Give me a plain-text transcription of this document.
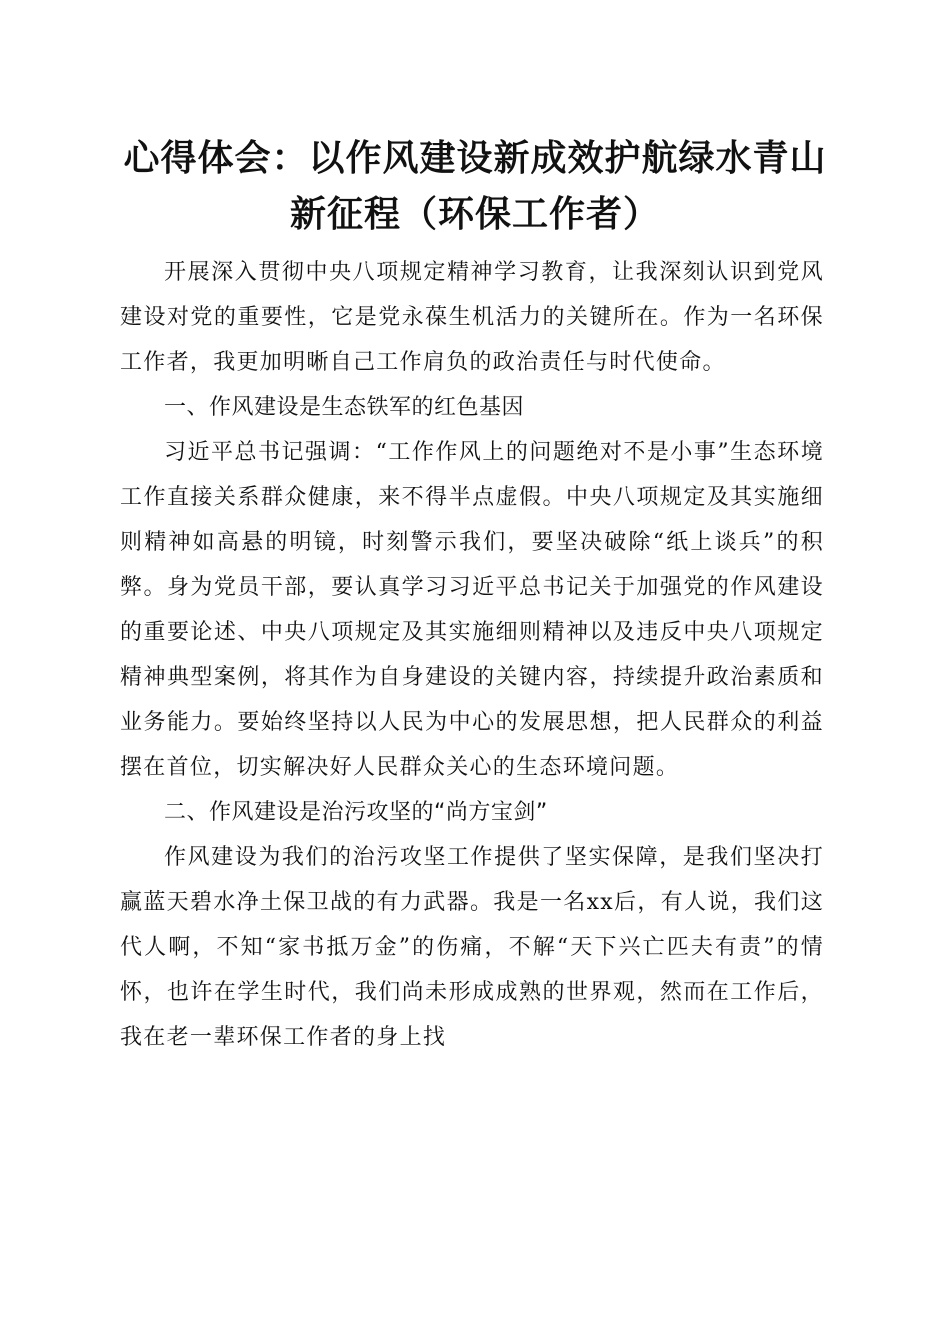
心得体会：以作风建设新成效护航绿水青山新征程（环保工作者）

开展深入贯彻中央八项规定精神学习教育，让我深刻认识到党风建设对党的重要性，它是党永葆生机活力的关键所在。作为一名环保工作者，我更加明晰自己工作肩负的政治责任与时代使命。

一、作风建设是生态铁军的红色基因

习近平总书记强调：“工作作风上的问题绝对不是小事”生态环境工作直接关系群众健康，来不得半点虚假。中央八项规定及其实施细则精神如高悬的明镜，时刻警示我们，要坚决破除“纸上谈兵”的积弊。身为党员干部，要认真学习习近平总书记关于加强党的作风建设的重要论述、中央八项规定及其实施细则精神以及违反中央八项规定精神典型案例，将其作为自身建设的关键内容，持续提升政治素质和业务能力。要始终坚持以人民为中心的发展思想，把人民群众的利益摆在首位，切实解决好人民群众关心的生态环境问题。

二、作风建设是治污攻坚的“尚方宝剑”

作风建设为我们的治污攻坚工作提供了坚实保障，是我们坚决打赢蓝天碧水净土保卫战的有力武器。我是一名xx后，有人说，我们这代人啊，不知“家书抵万金”的伤痛，不解“天下兴亡匹夫有责”的情怀，也许在学生时代，我们尚未形成成熟的世界观，然而在工作后，我在老一辈环保工作者的身上找
